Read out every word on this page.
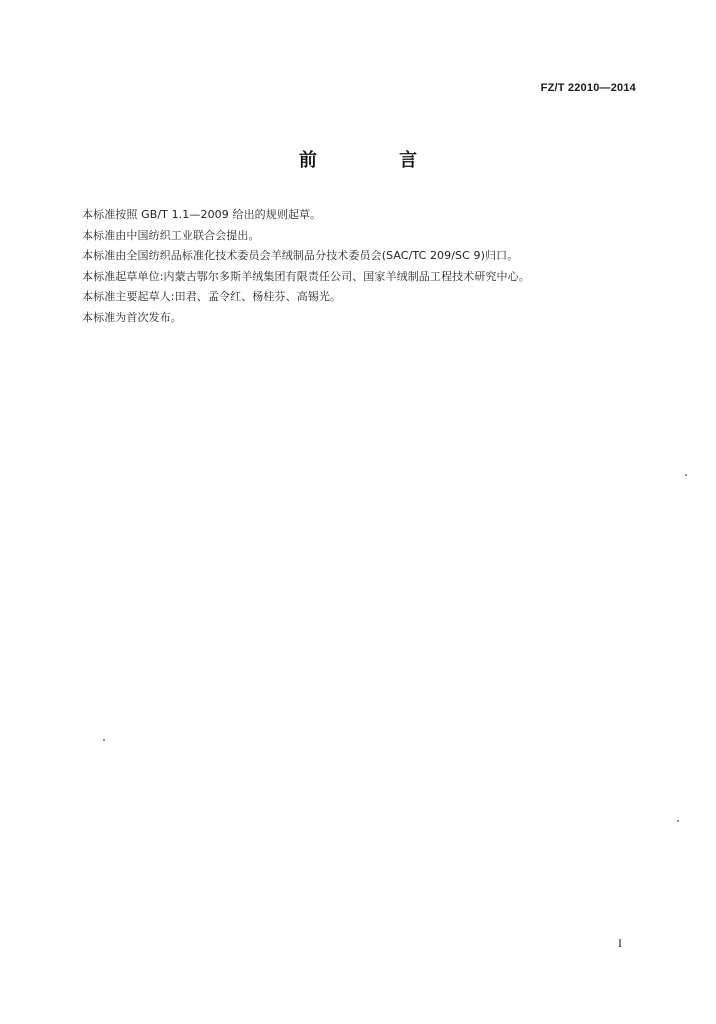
FZ/T 22010—2014
前 言
本标准按照 GB/T 1.1—2009 给出的规则起草。
本标准由中国纺织工业联合会提出。
本标准由全国纺织品标准化技术委员会羊绒制品分技术委员会(SAC/TC 209/SC 9)归口。
本标准起草单位:内蒙古鄂尔多斯羊绒集团有限责任公司、国家羊绒制品工程技术研究中心。
本标准主要起草人:田君、孟令红、杨桂芬、高锡光。
本标准为首次发布。
I
